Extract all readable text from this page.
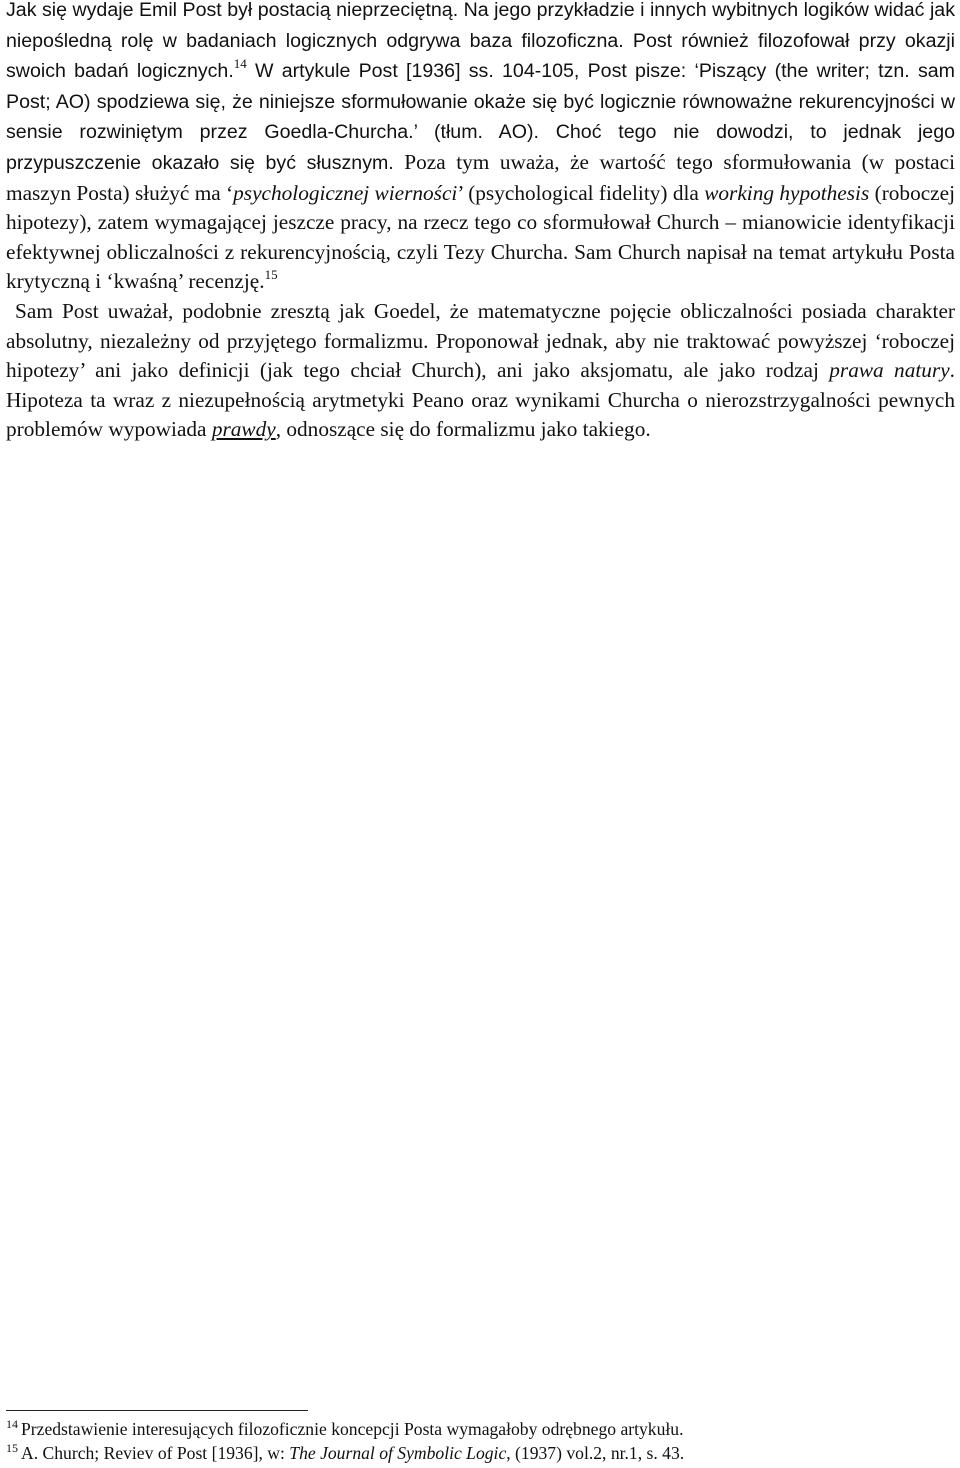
Jak się wydaje Emil Post był postacią nieprzeciętną. Na jego przykładzie i innych wybitnych logików widać jak niepośledną rolę w badaniach logicznych odgrywa baza filozoficzna. Post również filozofował przy okazji swoich badań logicznych.$^{14}$ W artykule Post [1936] ss. 104-105, Post pisze: ‘Piszący (the writer; tzn. sam Post; AO) spodziewa się, że niniejsze sformułowanie okaże się być logicznie równoważne rekurencyjności w sensie rozwiniętym przez Goedla-Churcha.’ (tłum. AO). Choć tego nie dowodzi, to jednak jego przypuszczenie okazało się być słusznym. Poza tym uważa, że wartość tego sformułowania (w postaci maszyn Posta) służyć ma ‘psychologicznej wierności’ (psychological fidelity) dla working hypothesis (roboczej hipotezy), zatem wymagającej jeszcze pracy, na rzecz tego co sformułował Church – mianowicie identyfikacji efektywnej obliczalności z rekurencyjnością, czyli Tezy Churcha. Sam Church napisał na temat artykułu Posta krytyczną i ‘kwaśną’ recenzję.$^{15}$

Sam Post uważał, podobnie zresztą jak Goedel, że matematyczne pojęcie obliczalności posiada charakter absolutny, niezależny od przyjętego formalizmu. Proponował jednak, aby nie traktować powyższej ‘roboczej hipotezy’ ani jako definicji (jak tego chciał Church), ani jako aksjomatu, ale jako rodzaj prawa natury. Hipoteza ta wraz z niezupełnością arytmetyki Peano oraz wynikami Churcha o nierozstrzygalności pewnych problemów wypowiada prawdy, odnoszące się do formalizmu jako takiego.

$^{14}$ Przedstawienie interesujących filozoficznie koncepcji Posta wymagałoby odrębnego artykułu.

$^{15}$ A. Church; Reviev of Post [1936], w: The Journal of Symbolic Logic, (1937) vol.2, nr.1, s. 43.
